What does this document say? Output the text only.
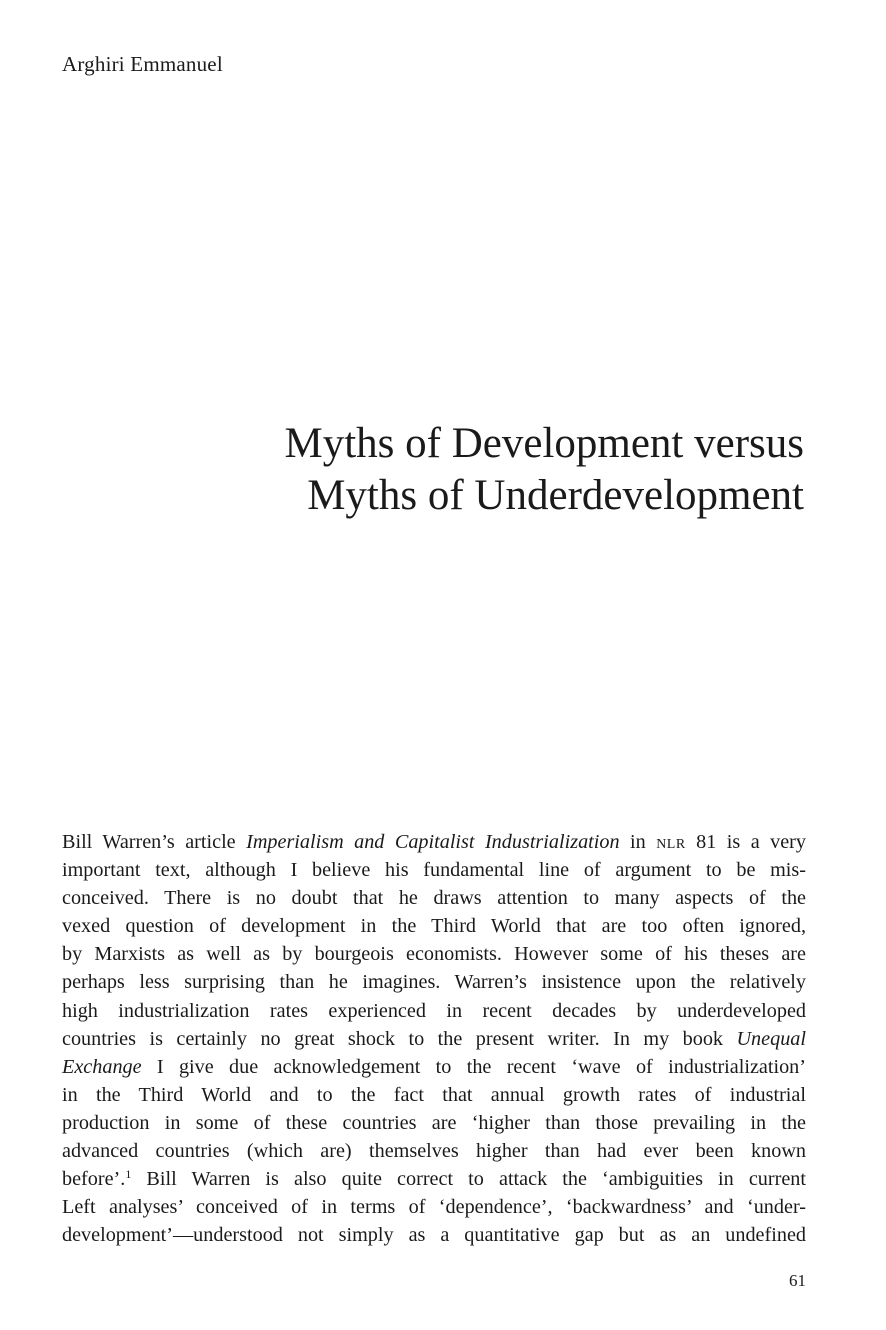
Arghiri Emmanuel
Myths of Development versus
Myths of Underdevelopment
Bill Warren’s article Imperialism and Capitalist Industrialization in nlr 81 is a very
important text, although I believe his fundamental line of argument to be mis-
conceived. There is no doubt that he draws attention to many aspects of the
vexed question of development in the Third World that are too often ignored,
by Marxists as well as by bourgeois economists. However some of his theses are
perhaps less surprising than he imagines. Warren’s insistence upon the relatively
high industrialization rates experienced in recent decades by underdeveloped
countries is certainly no great shock to the present writer. In my book Unequal
Exchange I give due acknowledgement to the recent ‘wave of industrialization’
in the Third World and to the fact that annual growth rates of industrial
production in some of these countries are ‘higher than those prevailing in the
advanced countries (which are) themselves higher than had ever been known
before’.$^1$ Bill Warren is also quite correct to attack the ‘ambiguities in current
Left analyses’ conceived of in terms of ‘dependence’, ‘backwardness’ and ‘under-
development’—understood not simply as a quantitative gap but as an undefined
61
